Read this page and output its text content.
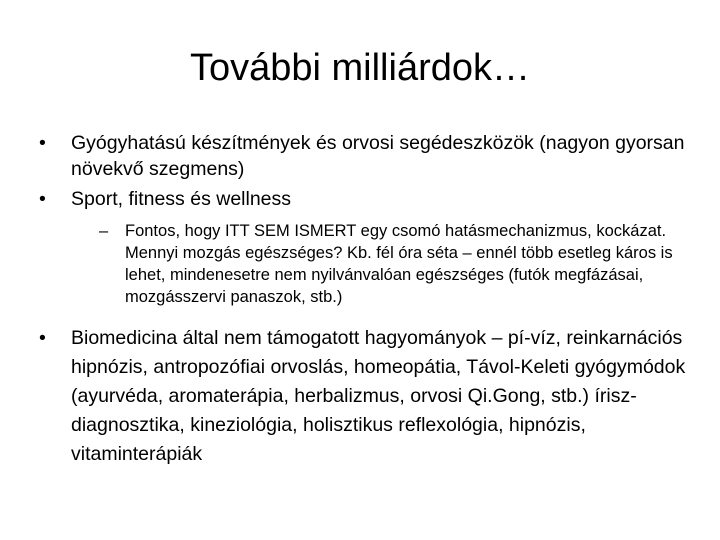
További milliárdok…
•	Gyógyhatású készítmények és orvosi segédeszközök (nagyon gyorsan növekvő szegmens)
•	Sport, fitness és wellness
– Fontos, hogy ITT SEM ISMERT egy csomó hatásmechanizmus, kockázat. Mennyi mozgás egészséges? Kb. fél óra séta – ennél több esetleg káros is lehet, mindenesetre nem nyilvánvalóan egészséges (futók megfázásai, mozgásszervi panaszok, stb.)
•	Biomedicina által nem támogatott hagyományok – pí-víz, reinkarnációs hipnózis, antropozófiai orvoslás, homeopátia, Távol-Keleti gyógymódok (ayurvéda, aromaterápia, herbalizmus, orvosi Qi.Gong, stb.) írisz-diagnosztika, kineziológia, holisztikus reflexológia, hipnózis, vitaminterápiák
